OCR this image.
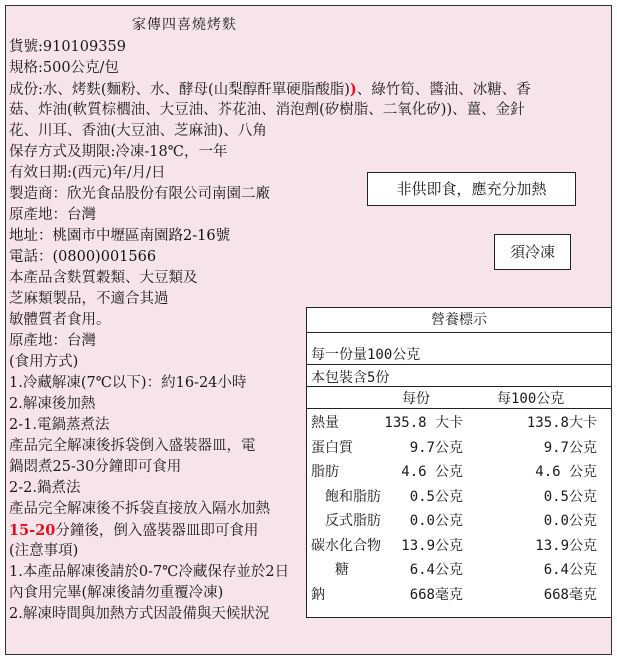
家傳四喜燒烤麩
貨號:910109359
規格:500公克/包
成份:水、烤麩(麵粉、水、酵母(山梨醇酐單硬脂酸脂))、綠竹筍、醬油、冰糖、香
菇、炸油(軟質棕櫚油、大豆油、芥花油、消泡劑(矽樹脂、二氧化矽))、薑、金針
花、川耳、香油(大豆油、芝麻油)、八角
保存方式及期限:冷凍-18℃，一年
有效日期:(西元)年/月/日
製造商：欣光食品股份有限公司南園二廠
原產地：台灣
地址：桃園市中壢區南園路2-16號
電話：(0800)001566
本產品含麩質穀類、大豆類及
芝麻類製品，不適合其過
敏體質者食用。
原產地：台灣
(食用方式)
1.冷藏解凍(7℃以下)：約16-24小時
2.解凍後加熱
2-1.電鍋蒸煮法
產品完全解凍後拆袋倒入盛裝器皿，電
鍋悶煮25-30分鐘即可食用
2-2.鍋煮法
產品完全解凍後不拆袋直接放入隔水加熱
15-20分鐘後，倒入盛裝器皿即可食用
(注意事項)
1.本產品解凍後請於0-7℃冷藏保存並於2日
內食用完畢(解凍後請勿重覆冷凍)
2.解凍時間與加熱方式因設備與天候狀況
非供即食，應充分加熱
須冷凍
營養標示
每一份量100公克
本包裝含5份
每份	每100公克
熱量	135.8 大卡	135.8大卡
蛋白質	9.7公克	9.7公克
脂肪	4.6 公克	4.6 公克
飽和脂肪 0.5公克	0.5公克
反式脂肪 0.0公克	0.0公克
碳水化合物 13.9公克	13.9公克
糖	6.4公克	6.4公克
鈉	668毫克	668毫克
